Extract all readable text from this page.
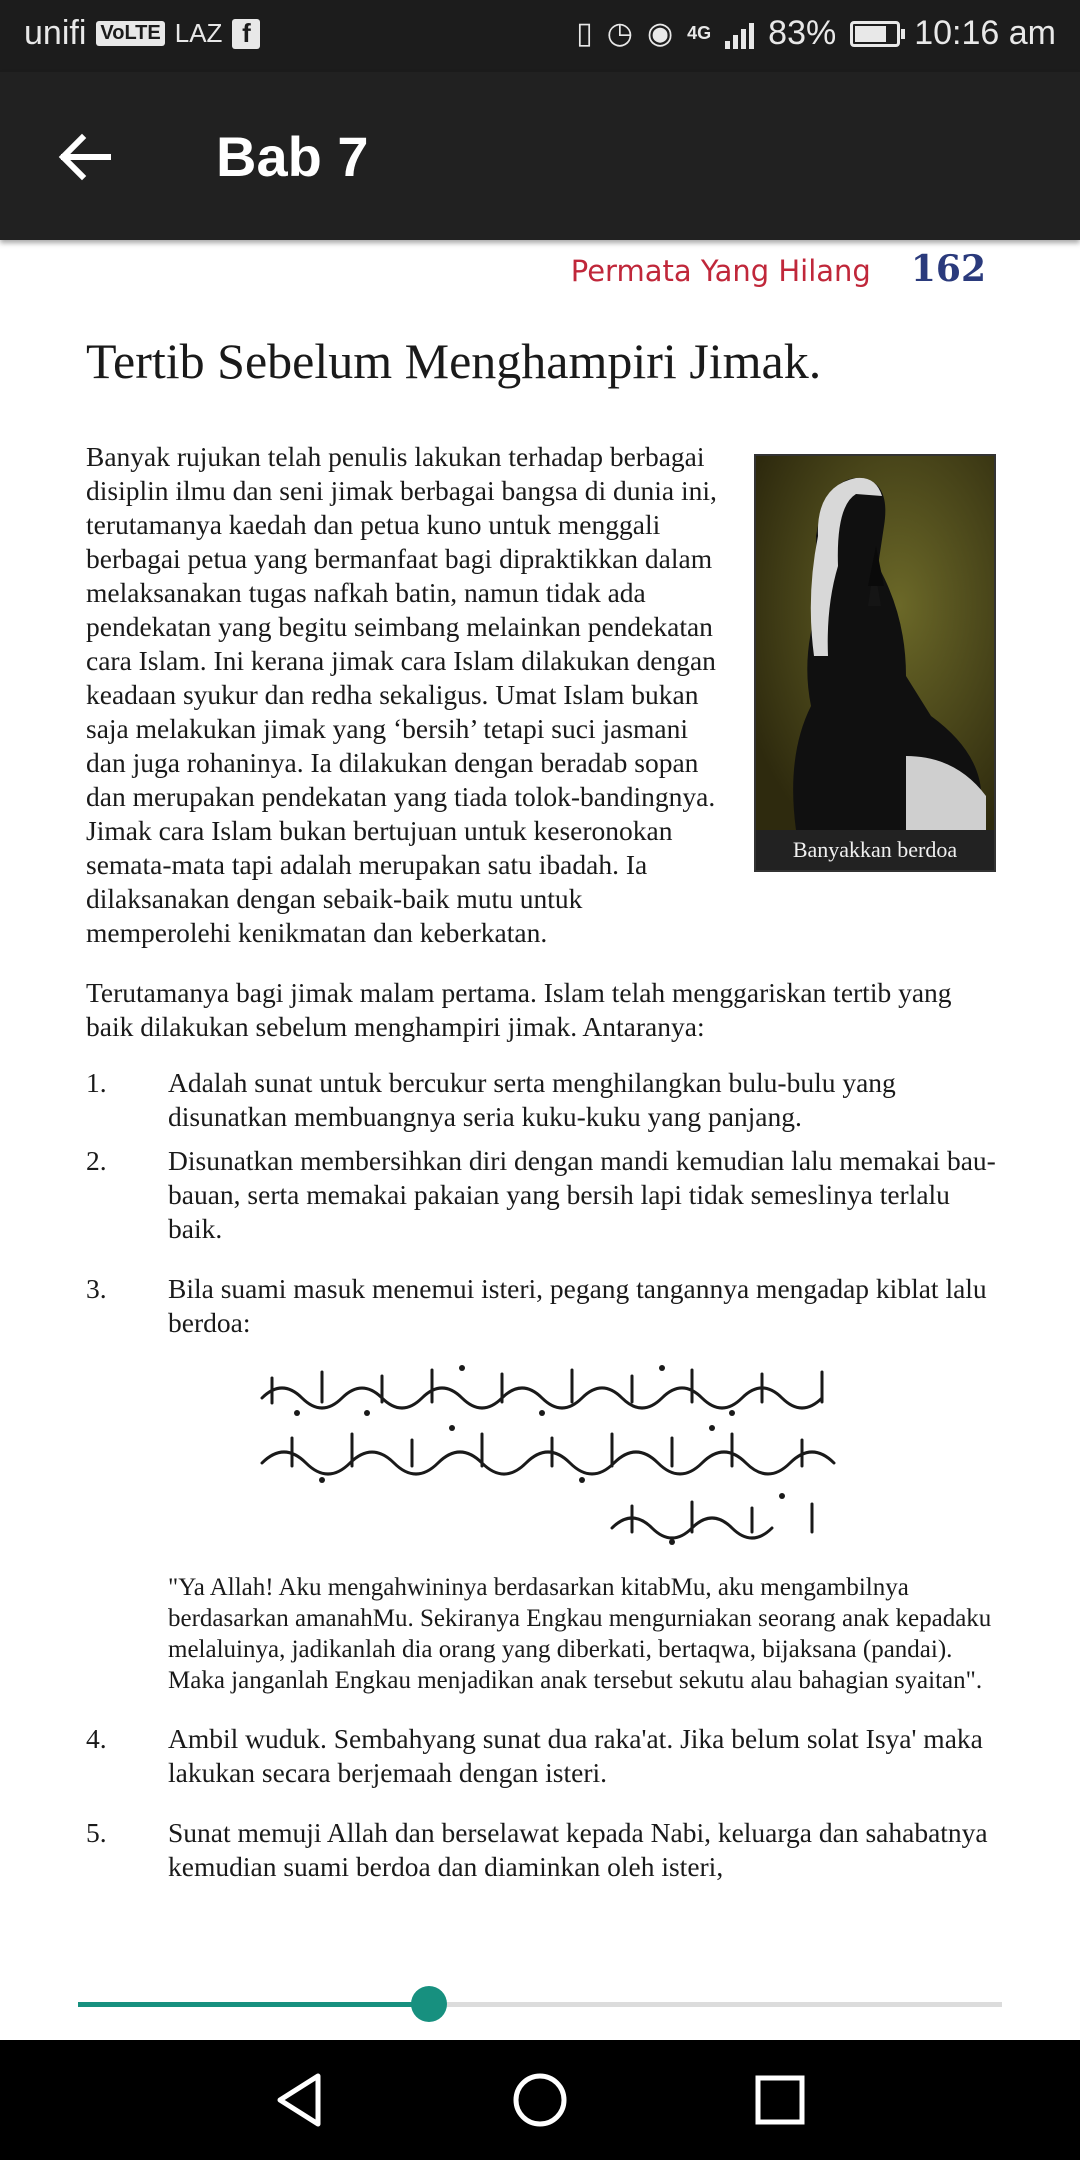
unifi VoLTE LAZ f	▯ ◷ ◉ 4G 83% 10:16 am
Bab 7
Permata Yang Hilang 162
Tertib Sebelum Menghampiri Jimak.
Banyakkan berdoa

Banyak rujukan telah penulis lakukan terhadap berbagai disiplin ilmu dan seni jimak berbagai bangsa di dunia ini, terutamanya kaedah dan petua kuno untuk menggali berbagai petua yang bermanfaat bagi dipraktikkan dalam melaksanakan tugas nafkah batin, namun tidak ada pendekatan yang begitu seimbang melainkan pendekatan cara Islam. Ini kerana jimak cara Islam dilakukan dengan keadaan syukur dan redha sekaligus. Umat Islam bukan saja melakukan jimak yang ‘bersih’ tetapi suci jasmani dan juga rohaninya. Ia dilakukan dengan beradab sopan dan merupakan pendekatan yang tiada tolok-bandingnya. Jimak cara Islam bukan bertujuan untuk keseronokan semata-mata tapi adalah merupakan satu ibadah. Ia dilaksanakan dengan sebaik-baik mutu untuk memperolehi kenikmatan dan keberkatan.

Terutamanya bagi jimak malam pertama. Islam telah menggariskan tertib yang baik dilakukan sebelum menghampiri jimak. Antaranya:

1. Adalah sunat untuk bercukur serta menghilangkan bulu-bulu yang disunatkan membuangnya seria kuku-kuku yang panjang.
2. Disunatkan membersihkan diri dengan mandi kemudian lalu memakai bau-bauan, serta memakai pakaian yang bersih lapi tidak semeslinya terlalu baik.
3. Bila suami masuk menemui isteri, pegang tangannya mengadap kiblat lalu berdoa:
"Ya Allah! Aku mengahwininya berdasarkan kitabMu, aku mengambilnya berdasarkan amanahMu. Sekiranya Engkau mengurniakan seorang anak kepadaku melaluinya, jadikanlah dia orang yang diberkati, bertaqwa, bijaksana (pandai). Maka janganlah Engkau menjadikan anak tersebut sekutu alau bahagian syaitan".
4. Ambil wuduk. Sembahyang sunat dua raka'at. Jika belum solat Isya' maka lakukan secara berjemaah dengan isteri.
5. Sunat memuji Allah dan berselawat kepada Nabi, keluarga dan sahabatnya kemudian suami berdoa dan diaminkan oleh isteri,
